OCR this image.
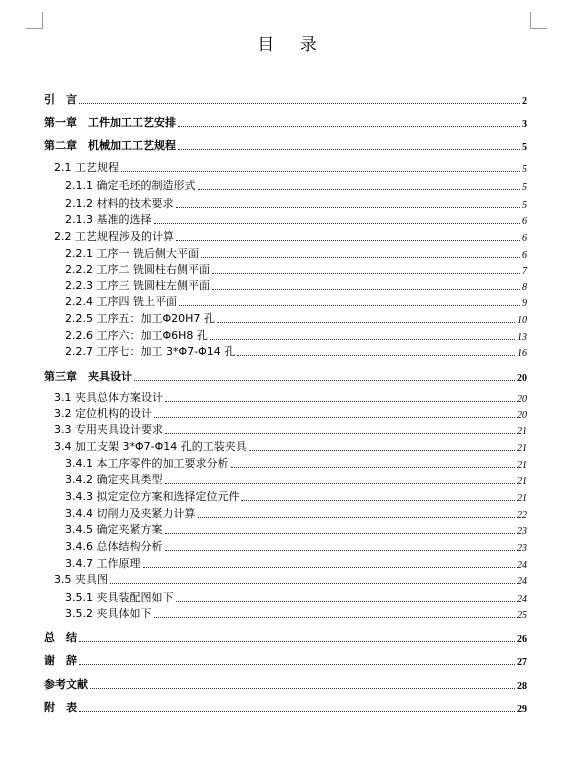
目 录
引　言	2
第一章　工件加工工艺安排	3
第二章　机械加工工艺规程	5
2.1 工艺规程	5
2.1.1 确定毛坯的制造形式	5
2.1.2 材料的技术要求	5
2.1.3 基准的选择	6
2.2 工艺规程涉及的计算	6
2.2.1 工序一 铣后侧大平面	6
2.2.2 工序二 铣圆柱右侧平面	7
2.2.3 工序三 铣圆柱左侧平面	8
2.2.4 工序四 铣上平面	9
2.2.5 工序五：加工Φ20H7 孔	10
2.2.6 工序六：加工Φ6H8 孔	13
2.2.7 工序七：加工 3*Φ7-Φ14 孔	16
第三章　夹具设计	20
3.1 夹具总体方案设计	20
3.2 定位机构的设计	20
3.3 专用夹具设计要求	21
3.4 加工支架 3*Φ7-Φ14 孔的工装夹具	21
3.4.1 本工序零件的加工要求分析	21
3.4.2 确定夹具类型	21
3.4.3 拟定定位方案和选择定位元件	21
3.4.4 切削力及夹紧力计算	22
3.4.5 确定夹紧方案	23
3.4.6 总体结构分析	23
3.4.7 工作原理	24
3.5 夹具图	24
3.5.1 夹具装配图如下	24
3.5.2 夹具体如下	25
总　结	26
谢　辞	27
参考文献	28
附　表	29
